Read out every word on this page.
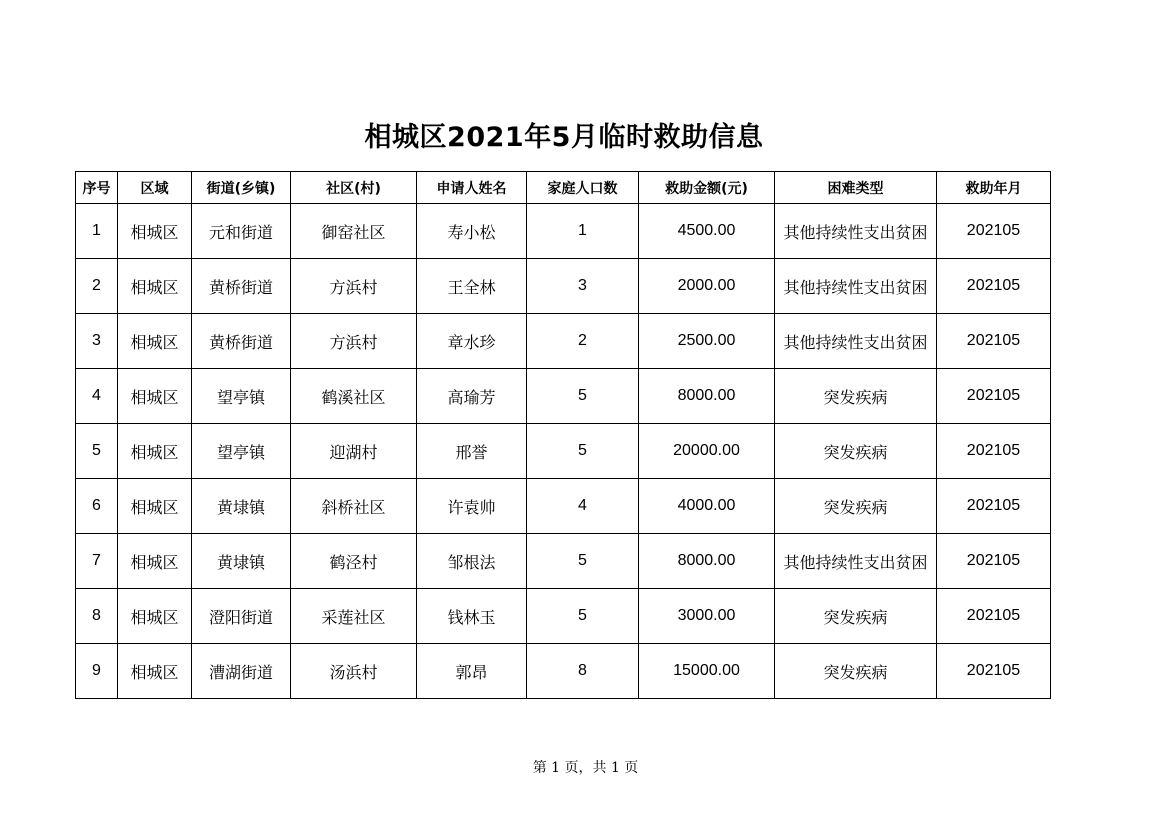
相城区2021年5月临时救助信息
序号	区域	街道(乡镇)	社区(村)	申请人姓名	家庭人口数	救助金额(元)	困难类型	救助年月
1	相城区	元和街道	御窑社区	寿小松	1	4500.00	其他持续性支出贫困	202105
2	相城区	黄桥街道	方浜村	王全林	3	2000.00	其他持续性支出贫困	202105
3	相城区	黄桥街道	方浜村	章水珍	2	2500.00	其他持续性支出贫困	202105
4	相城区	望亭镇	鹤溪社区	高瑜芳	5	8000.00	突发疾病	202105
5	相城区	望亭镇	迎湖村	邢誉	5	20000.00	突发疾病	202105
6	相城区	黄埭镇	斜桥社区	许袁帅	4	4000.00	突发疾病	202105
7	相城区	黄埭镇	鹤泾村	邹根法	5	8000.00	其他持续性支出贫困	202105
8	相城区	澄阳街道	采莲社区	钱林玉	5	3000.00	突发疾病	202105
9	相城区	漕湖街道	汤浜村	郭昂	8	15000.00	突发疾病	202105
第 1 页，共 1 页
